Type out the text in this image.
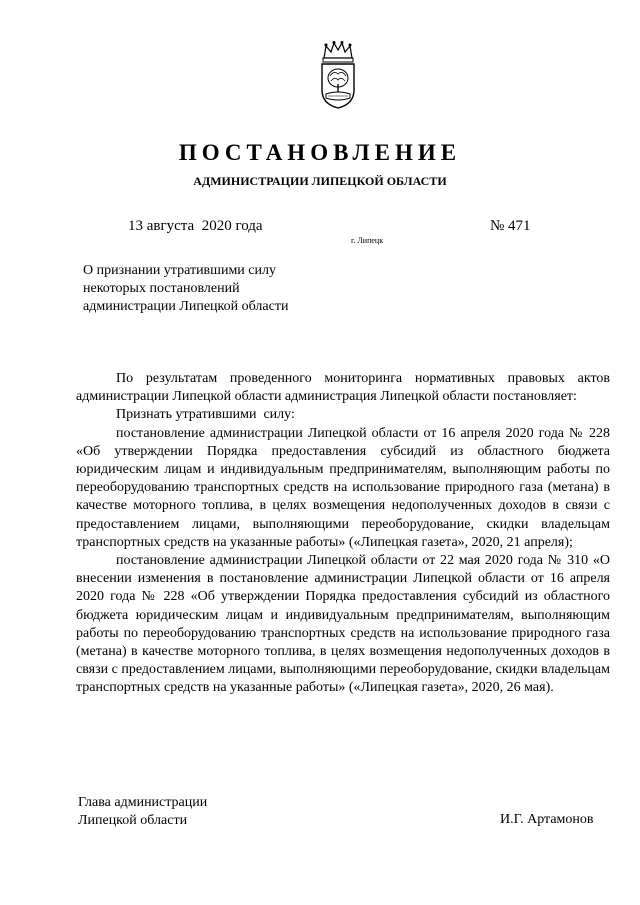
ПОСТАНОВЛЕНИЕ
АДМИНИСТРАЦИИ ЛИПЕЦКОЙ ОБЛАСТИ
13 августа  2020 года	№ 471
г. Липецк
О признании утратившими силу
некоторых постановлений
администрации Липецкой области

По результатам проведенного мониторинга нормативных правовых актов администрации Липецкой области администрация Липецкой области постановляет:

Признать утратившими  силу:

постановление администрации Липецкой области от 16 апреля 2020 года № 228 «Об утверждении Порядка предоставления субсидий из областного бюджета юридическим лицам и индивидуальным предпринимателям, выполняющим работы по переоборудованию транспортных средств на использование природного газа (метана) в качестве моторного топлива, в целях возмещения недополученных доходов в связи с предоставлением лицами, выполняющими переоборудование, скидки владельцам транспортных средств на указанные работы» («Липецкая газета», 2020, 21 апреля);

постановление администрации Липецкой области от 22 мая 2020 года № 310 «О внесении изменения в постановление администрации Липецкой области от 16 апреля 2020 года № 228 «Об утверждении Порядка предоставления субсидий из областного бюджета юридическим лицам и индивидуальным предпринимателям, выполняющим работы по переоборудованию транспортных средств на использование природного газа (метана) в качестве моторного топлива, в целях возмещения недополученных доходов в связи с предоставлением лицами, выполняющими переоборудование, скидки владельцам транспортных средств на указанные работы» («Липецкая газета», 2020, 26 мая).

Глава администрации
Липецкой области	И.Г. Артамонов
